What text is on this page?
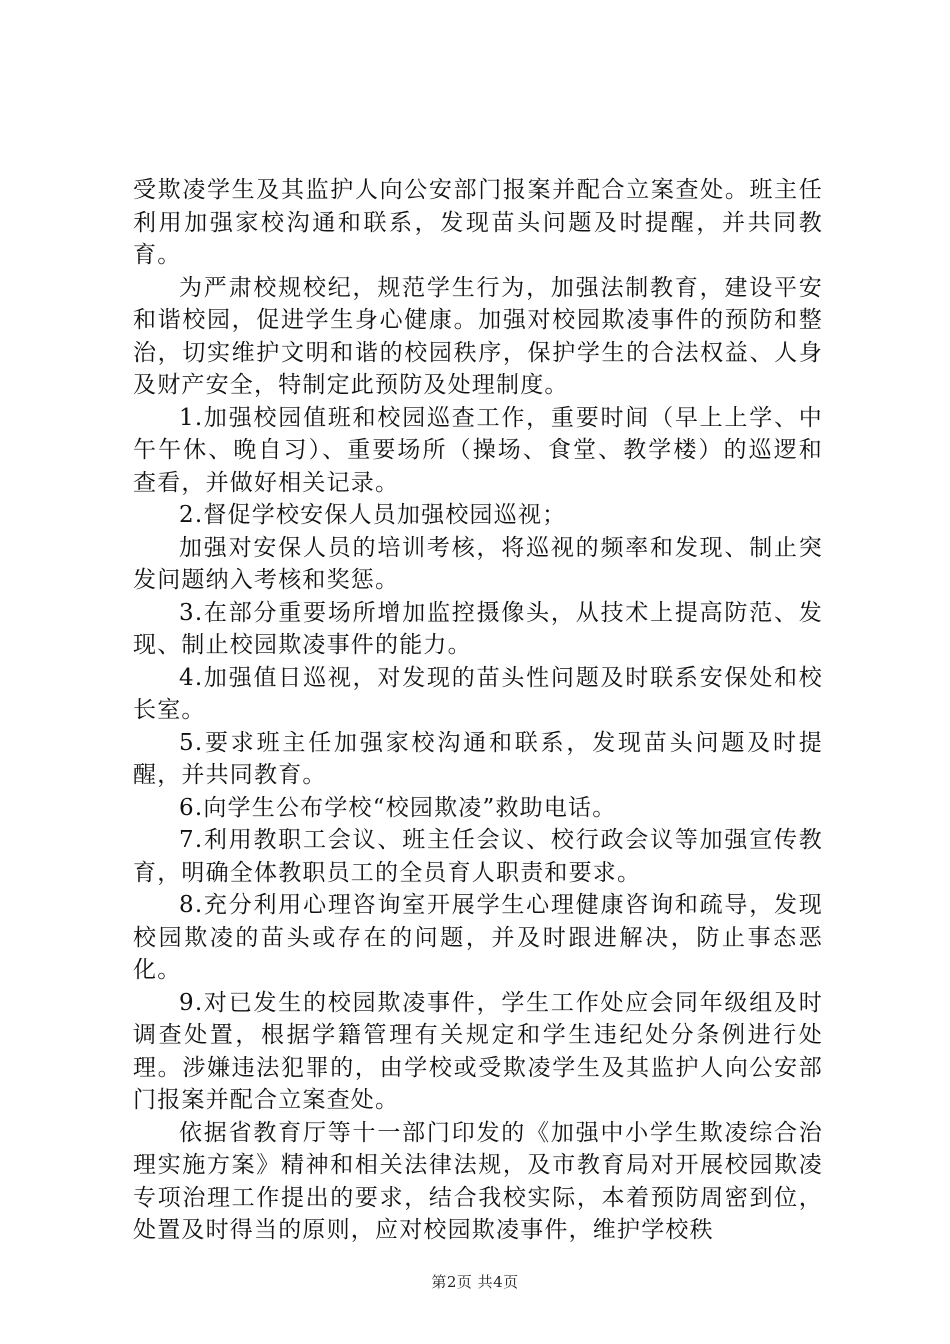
受欺凌学生及其监护人向公安部门报案并配合立案查处。班主任利用加强家校沟通和联系，发现苗头问题及时提醒，并共同教育。

为严肃校规校纪，规范学生行为，加强法制教育，建设平安和谐校园，促进学生身心健康。加强对校园欺凌事件的预防和整治，切实维护文明和谐的校园秩序，保护学生的合法权益、人身及财产安全，特制定此预防及处理制度。

1.加强校园值班和校园巡查工作，重要时间（早上上学、中午午休、晚自习）、重要场所（操场、食堂、教学楼）的巡逻和查看，并做好相关记录。

2.督促学校安保人员加强校园巡视；

加强对安保人员的培训考核，将巡视的频率和发现、制止突发问题纳入考核和奖惩。

3.在部分重要场所增加监控摄像头，从技术上提高防范、发现、制止校园欺凌事件的能力。

4.加强值日巡视，对发现的苗头性问题及时联系安保处和校长室。

5.要求班主任加强家校沟通和联系，发现苗头问题及时提醒，并共同教育。

6.向学生公布学校“校园欺凌”救助电话。

7.利用教职工会议、班主任会议、校行政会议等加强宣传教育，明确全体教职员工的全员育人职责和要求。

8.充分利用心理咨询室开展学生心理健康咨询和疏导，发现校园欺凌的苗头或存在的问题，并及时跟进解决，防止事态恶化。

9.对已发生的校园欺凌事件，学生工作处应会同年级组及时调查处置，根据学籍管理有关规定和学生违纪处分条例进行处理。涉嫌违法犯罪的，由学校或受欺凌学生及其监护人向公安部门报案并配合立案查处。

依据省教育厅等十一部门印发的《加强中小学生欺凌综合治理实施方案》精神和相关法律法规，及市教育局对开展校园欺凌专项治理工作提出的要求，结合我校实际，本着预防周密到位，处置及时得当的原则，应对校园欺凌事件，维护学校秩

第2页 共4页
